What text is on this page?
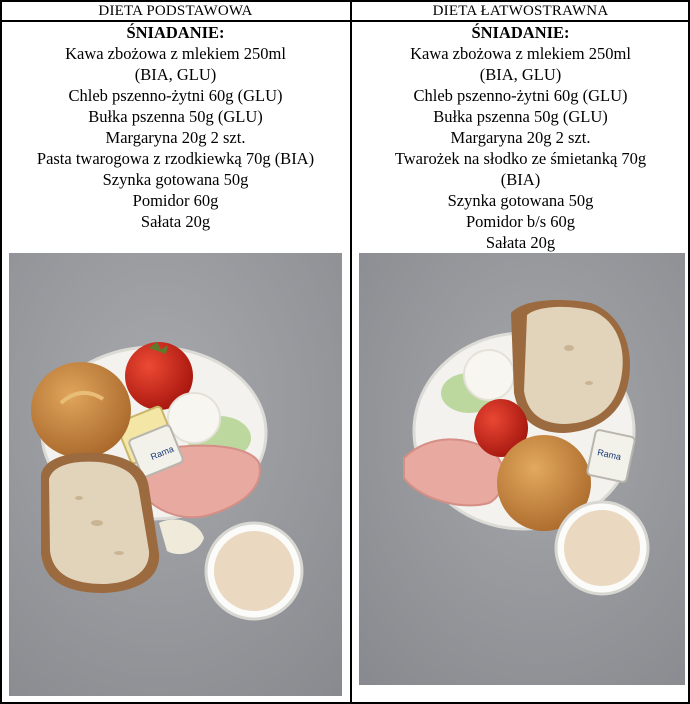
DIETA PODSTAWOWA
ŚNIADANIE:
Kawa zbożowa z mlekiem 250ml
(BIA, GLU)
Chleb pszenno-żytni 60g (GLU)
Bułka pszenna 50g (GLU)
Margaryna 20g 2 szt.
Pasta twarogowa z rzodkiewką 70g (BIA)
Szynka gotowana 50g
Pomidor 60g
Sałata 20g
Rama
DIETA ŁATWOSTRAWNA
ŚNIADANIE:
Kawa zbożowa z mlekiem 250ml
(BIA, GLU)
Chleb pszenno-żytni 60g (GLU)
Bułka pszenna 50g (GLU)
Margaryna 20g 2 szt.
Twarożek na słodko ze śmietanką 70g
(BIA)
Szynka gotowana 50g
Pomidor b/s 60g
Sałata 20g
Rama
